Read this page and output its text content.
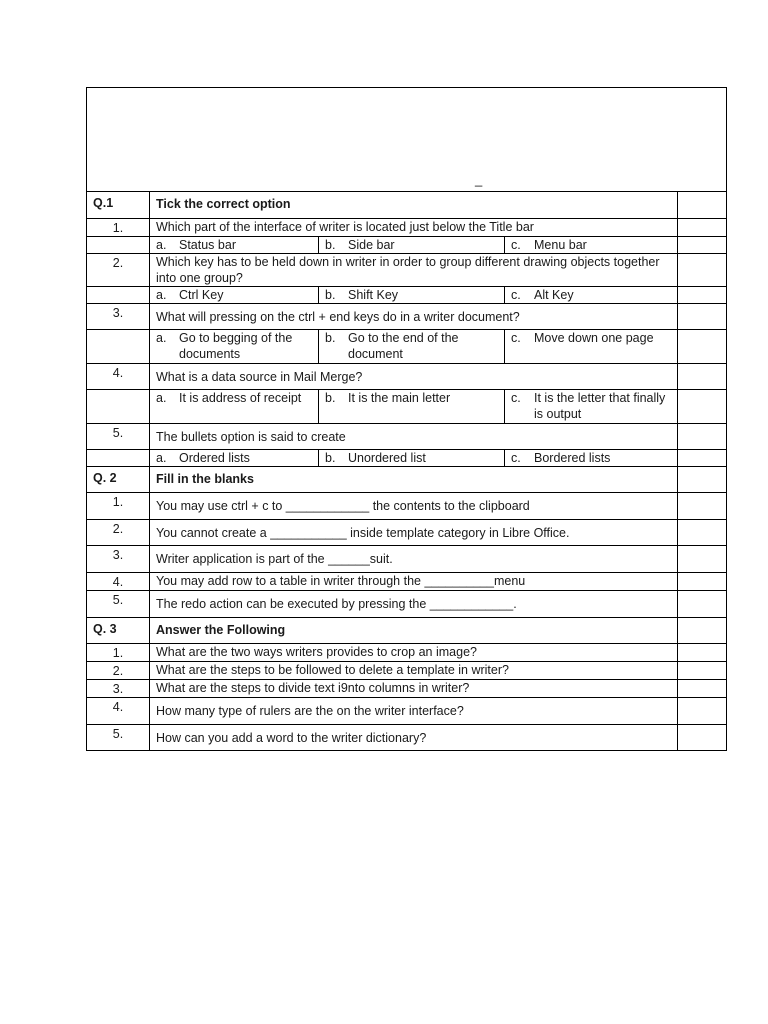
_
Q.1	Tick the correct option			
1.	Which part of the interface of writer is located just below the Title bar			

	a. Status bar	b. Side bar	c. Menu bar	

2.	Which key has to be held down in writer in order to group different drawing objects together into one group?			

	a. Ctrl Key	b. Shift Key	c. Alt Key	

3.	What will pressing on the ctrl + end keys do in a writer document?			

	a. Go to begging of the documents	b. Go to the end of the document	c. Move down one page	

4.	What is a data source in Mail Merge?			

	a. It is address of receipt	b. It is the main letter	c. It is the letter that finally is output	

5.	The bullets option is said to create			

	a. Ordered lists	b. Unordered list	c. Bordered lists	

Q. 2	Fill in the blanks			
1.	You may use ctrl + c to ____________ the contents to the clipboard			
2.	You cannot create a ___________ inside template category in Libre Office.			
3.	Writer application is part of the ______suit.			
4.	You may add row to a table in writer through the __________menu			
5.	The redo action can be executed by pressing the ____________.			
Q. 3	Answer the Following			
1.	What are the two ways writers provides to crop an image?			
2.	What are the steps to be followed to delete a template in writer?			
3.	What are the steps to divide text i9nto columns in writer?			
4.	How many type of rulers are the on the writer interface?			
5.	How can you add a word to the writer dictionary?			
